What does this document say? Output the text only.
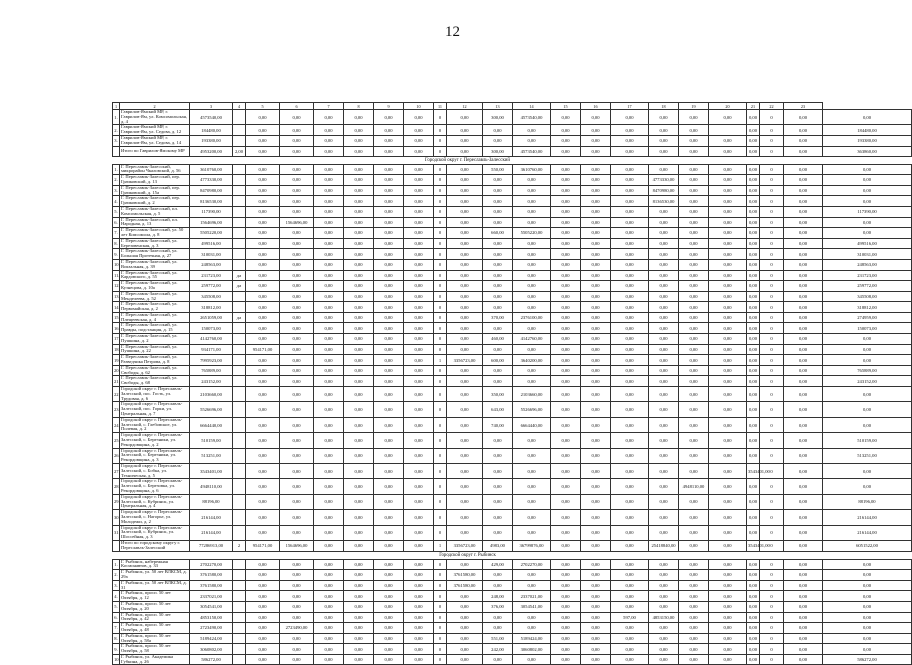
12
1	2	3	4	5	6	7	8	9	10	11	12	13	14	15	16	17	18	19	20	21	22	23	
1.	Гаврилов-Ямский МР, г. Гаврилов-Ям, ул. Комсомольская, д. 4	4573540,00		0,00	0,00	0,00	0,00	0,00	0,00	0	0,00	300,00	4573540,00	0,00	0,00	0,00	0,00	0,00	0,00	0,00	0	0,00	0,00
2.	Гаврилов-Ямский МР, г. Гаврилов-Ям, ул. Седова, д. 12	184480,00		0,00	0,00	0,00	0,00	0,00	0,00	0	0,00	0,00	0,00	0,00	0,00	0,00	0,00	0,00		0,00	0	0,00	184480,00
3.	Гаврилов-Ямский МР, г. Гаврилов-Ям, ул. Седова, д. 14	193380,00		0,00	0,00	0,00	0,00	0,00	0,00	0	0,00	0,00	0,00	0,00	0,00	0,00	0,00	0,00	0,00	0,00	0	0,00	193380,00
	Итого по Гаврилов-Ямскому МР	4953200,00	2,00	0,00	0,00	0,00	0,00	0,00	0,00	0	0,00	300,00	4573540,00	0,00	0,00	0,00	0,00	0,00	0,00	0,00	0	0,00	363860,00
Городской округ г. Переславль-Залесский																							
1.	Г. Переславль-Залесский, микрорайон Чкаловский, д. 56	3610760,00		0,00	0,00	0,00	0,00	0,00	0,00	0	0,00	550,00	3610760,00	0,00	0,00	0,00	0,00	0,00	0,00	0,00	0	0,00	0,00
2.	Г. Переславль-Залесский, пер. Грачковский, д. 13	4773330,00		0,00	0,00	0,00	0,00	0,00	0,00	0	0,00	0,00	0,00	0,00	0,00	0,00	4773330,00	0,00	0,00	0,00	0	0,00	0,00
3.	Г. Переславль-Залесский, пер. Грачковский, д. 15а	8470980,00		0,00	0,00	0,00	0,00	0,00	0,00	0	0,00	0,00	0,00	0,00	0,00	0,00	8470980,00	0,00	0,00	0,00	0	0,00	0,00
4.	Г. Переславль-Залесский, пер. Грачковский, д. 2	8136530,00		0,00	0,00	0,00	0,00	0,00	0,00	0	0,00	0,00	0,00	0,00	0,00	0,00	8136530,00	0,00	0,00	0,00	0	0,00	0,00
5.	Г. Переславль-Залесский, пл. Комсомольская, д. 5	117390,00		0,00	0,00	0,00	0,00	0,00	0,00	0	0,00	0,00	0,00	0,00	0,00	0,00	0,00	0,00	0,00	0,00	0	0,00	117390,00
6.	Г. Переславль-Залесский, пл. Народная, д. 13	1564696,00		0,00	1564696,00	0,00	0,00	0,00	0,00	0	0,00	0,00	0,00	0,00	0,00	0,00	0,00	0,00	0,00	0,00	0	0,00	0,00
7.	Г. Переславль-Залесский, ул. 50 лет Комсомола, д. 8	5505220,00		0,00	0,00	0,00	0,00	0,00	0,00	0	0,00	660,00	5505220,00	0,00	0,00	0,00	0,00	0,00	0,00	0,00	0	0,00	0,00
8.	Г. Переславль-Залесский, ул. Березовенская, д. 3	499516,00		0,00	0,00	0,00	0,00	0,00	0,00	0	0,00	0,00	0,00	0,00	0,00	0,00	0,00	0,00	0,00	0,00	0	0,00	499516,00
9.	Г. Переславль-Залесский, ул. Большая Протечная, д. 27	310031,00		0,00	0,00	0,00	0,00	0,00	0,00	0	0,00	0,00	0,00	0,00	0,00	0,00	0,00	0,00	0,00	0,00	0	0,00	310031,00
10.	Г. Переславль-Залесский, ул. Вокзальная, д. 39	248563,00		0,00	0,00	0,00	0,00	0,00	0,00	0	0,00	0,00	0,00	0,00	0,00	0,00	0,00	0,00	0,00	0,00	0	0,00	248563,00
11.	Г. Переславль-Залесский, ул. Кардовского, д. 55	231723,00	да	0,00	0,00	0,00	0,00	0,00	0,00	0	0,00	0,00	0,00	0,00	0,00	0,00	0,00	0,00	0,00	0,00	0	0,00	231723,00
12.	Г. Переславль-Залесский, ул. Кузнецова, д. 10а	259772,00	да	0,00	0,00	0,00	0,00	0,00	0,00	0	0,00	0,00	0,00	0,00	0,00	0,00	0,00	0,00	0,00	0,00	0	0,00	259772,00
13.	Г. Переславль-Залесский, ул. Менделеева, д. 52	345508,00		0,00	0,00	0,00	0,00	0,00	0,00	0	0,00	0,00	0,00	0,00	0,00	0,00	0,00	0,00	0,00	0,00	0	0,00	345508,00
14.	Г. Переславль-Залесский, ул. Первомайская, д. 2	318812,00		0,00	0,00	0,00	0,00	0,00	0,00	0	0,00	0,00	0,00	0,00	0,00	0,00	0,00	0,00	0,00	0,00	0	0,00	318812,00
15.	Г. Переславль-Залесский, ул. Плещеевская, д. 4	2651059,00	да	0,00	0,00	0,00	0,00	0,00	0,00	0	0,00	370,00	2376100,00	0,00	0,00	0,00	0,00	0,00	0,00	0,00	0	0,00	274959,00
16.	Г. Переславль-Залесский, ул. Правды, подстанция, д. 15	150073,00		0,00	0,00	0,00	0,00	0,00	0,00	0	0,00	0,00	0,00	0,00	0,00	0,00	0,00	0,00	0,00	0,00	0	0,00	150073,00
17.	Г. Переславль-Залесский, ул. Пушкина, д. 2	4142760,00		0,00	0,00	0,00	0,00	0,00	0,00	0	0,00	460,00	4142760,00	0,00	0,00	0,00	0,00	0,00	0,00	0,00	0	0,00	0,00
18.	Г. Переславль-Залесский, ул. Пушкина, д. 22	934171,00		954171,00	0,00	0,00	0,00	0,00	0,00	0	0,00	0,00	0,00	0,00	0,00	0,00	0,00	0,00	0,00	0,00	0	0,00	0,00
19.	Г. Переславль-Залесский, ул. Разведчика Петрова, д. 8	7995923,00		0,00	0,00	0,00	0,00	0,00	0,00	1	3356723,00	600,00	3640200,00	0,00	0,00	0,00	0,00	0,00	0,00	0,00	0	0,00	0,00
20.	Г. Переславль-Залесский, ул. Свободы, д. 62	765889,00		0,00	0,00	0,00	0,00	0,00	0,00	0	0,00	0,00	0,00	0,00	0,00	0,00	0,00	0,00	0,00	0,00	0	0,00	765889,00
21.	Г. Переславль-Залесский, ул. Свободы, д. 68	243152,00		0,00	0,00	0,00	0,00	0,00	0,00	0	0,00	0,00	0,00	0,00	0,00	0,00	0,00	0,00	0,00	0,00	0	0,00	243152,00
22.	Городской округ г. Переславль-Залесский, пос. Гость, ул. Трудовая, д. 6	2103660,00		0,00	0,00	0,00	0,00	0,00	0,00	0	0,00	350,00	2103660,00	0,00	0,00	0,00	0,00	0,00	0,00	0,00	0	0,00	0,00
23.	Городской округ г. Переславль-Залесский, пос. Горки, ул. Центральная, д. 7	5526696,00		0,00	0,00	0,00	0,00	0,00	0,00	0	0,00	643,00	5526696,00	0,00	0,00	0,00	0,00	0,00	0,00	0,00	0	0,00	0,00
24.	Городской округ г. Переславль-Залесский, с. Глебовское, ул. Полевая, д. 2	6664440,00		0,00	0,00	0,00	0,00	0,00	0,00	0	0,00	740,00	6664440,00	0,00	0,00	0,00	0,00	0,00	0,00	0,00	0	0,00	0,00
25.	Городской округ г. Переславль-Залесский, с. Березники, ул. Рекордовщина, д. 2	510159,00		0,00	0,00	0,00	0,00	0,00	0,00	0	0,00	0,00	0,00	0,00	0,00	0,00	0,00	0,00	0,00	0,00	0	0,00	510159,00
26.	Городской округ г. Переславль-Залесский, с. Березники, ул. Рекордовщина, д. 3	513251,00		0,00	0,00	0,00	0,00	0,00	0,00	0	0,00	0,00	0,00	0,00	0,00	0,00	0,00	0,00	0,00	0,00	0	0,00	513251,00
27.	Городской округ г. Переславль-Залесский, с. Бобка, ул. Техническая, д. 5	3543401,00		0,00	0,00	0,00	0,00	0,00	0,00	0	0,00	0,00	0,00	0,00	0,00	0,00	0,00	0,00	0,00	3543401,00	0	0,00	0,00
28.	Городской округ г. Переславль-Залесский, с. Березовка, ул. Рекордовщина, д. 6	4948110,00		0,00	0,00	0,00	0,00	0,00	0,00	0	0,00	0,00	0,00	0,00	0,00	0,00	0,00	4948110,00	0,00	0,00	0	0,00	0,00
29.	Городской округ г. Переславль-Залесский, с. Кубринск, ул. Центральная, д. 4	88196,00		0,00	0,00	0,00	0,00	0,00	0,00	0	0,00	0,00	0,00	0,00	0,00	0,00	0,00	0,00	0,00	0,00	0	0,00	88196,00
30.	Городской округ г. Переславль-Залесский, с. Нагорье, ул. Молодежи, д. 2	216144,00		0,00	0,00	0,00	0,00	0,00	0,00	0	0,00	0,00	0,00	0,00	0,00	0,00	0,00	0,00	0,00	0,00	0	0,00	216144,00
31.	Городской округ г. Переславль-Залесский, с. Кубринск, ул. Шоссейная, д. 3	216144,00		0,00	0,00	0,00	0,00	0,00	0,00	0	0,00	0,00	0,00	0,00	0,00	0,00	0,00	0,00	0,00	0,00	0	0,00	216144,00
	Итого по городскому округу г. Переславль-Залесский	77286913,00	2	954171,00	1564696,00	0,00	0,00	0,00	0,00	1	3356723,00	4983,00	36799876,00	0,00	0,00	0,00	25418840,00	0,00	0,00	3543401,00	0	0,00	6051522,00
Городской округ г. Рыбинск																							
1.	Г. Рыбинск, набережная Космонавтов, д. 33	2702270,00		0,00	0,00	0,00	0,00	0,00	0,00	0	0,00	429,00	2702270,00	0,00	0,00	0,00	0,00	0,00	0,00	0,00	0	0,00	0,00
2.	Г. Рыбинск, ул. 50 лет ВЛКСМ, д. 29а	3761580,00		0,00	0,00	0,00	0,00	0,00	0,00	0	3761580,00	0,00	0,00	0,00	0,00	0,00	0,00	0,00	0,00	0,00	0	0,00	0,00
3.	Г. Рыбинск, ул. 50 лет ВЛКСМ, д. 31	3761580,00		0,00	0,00	0,00	0,00	0,00	0,00	0	3761580,00	0,00	0,00	0,00	0,00	0,00	0,00	0,00	0,00	0,00	0	0,00	0,00
4.	Г. Рыбинск, просп. 50 лет Октября, д. 12	2337021,00		0,00	0,00	0,00	0,00	0,00	0,00	0	0,00	248,00	2337021,00	0,00	0,00	0,00	0,00	0,00	0,00	0,00	0	0,00	0,00
5.	Г. Рыбинск, просп. 50 лет Октября, д. 20	3054541,00		0,00	0,00	0,00	0,00	0,00	0,00	0	0,00	376,00	3054541,00	0,00	0,00	0,00	0,00	0,00	0,00	0,00	0	0,00	0,00
6.	Г. Рыбинск, просп. 50 лет Октября, д. 42	4853150,00		0,00	0,00	0,00	0,00	0,00	0,00	0	0,00	0,00	0,00	0,00	0,00	597,00	4853150,00	0,00	0,00	0,00	0	0,00	0,00
7.	Г. Рыбинск, просп. 50 лет Октября, д. 48	2723490,00		0,00	2723490,00	0,00	0,00	0,00	0,00	0	0,00	0,00	0,00	0,00	0,00	0,00	0,00	0,00	0,00	0,00	0	0,00	0,00
8.	Г. Рыбинск, просп. 50 лет Октября, д. 58а	5189424,00		0,00	0,00	0,00	0,00	0,00	0,00	0	0,00	551,00	5189424,00	0,00	0,00	0,00	0,00	0,00	0,00	0,00	0	0,00	0,00
9.	Г. Рыбинск, просп. 50 лет Октября, д. 58	3060802,00		0,00	0,00	0,00	0,00	0,00	0,00	0	0,00	242,00	3060802,00	0,00	0,00	0,00	0,00	0,00	0,00	0,00	0	0,00	0,00
10.	Г. Рыбинск, ул. Академика Губкина, д. 26	586272,00		0,00	0,00	0,00	0,00	0,00	0,00	0	0,00	0,00	0,00	0,00	0,00	0,00	0,00	0,00	0,00	0,00	0	0,00	586272,00
